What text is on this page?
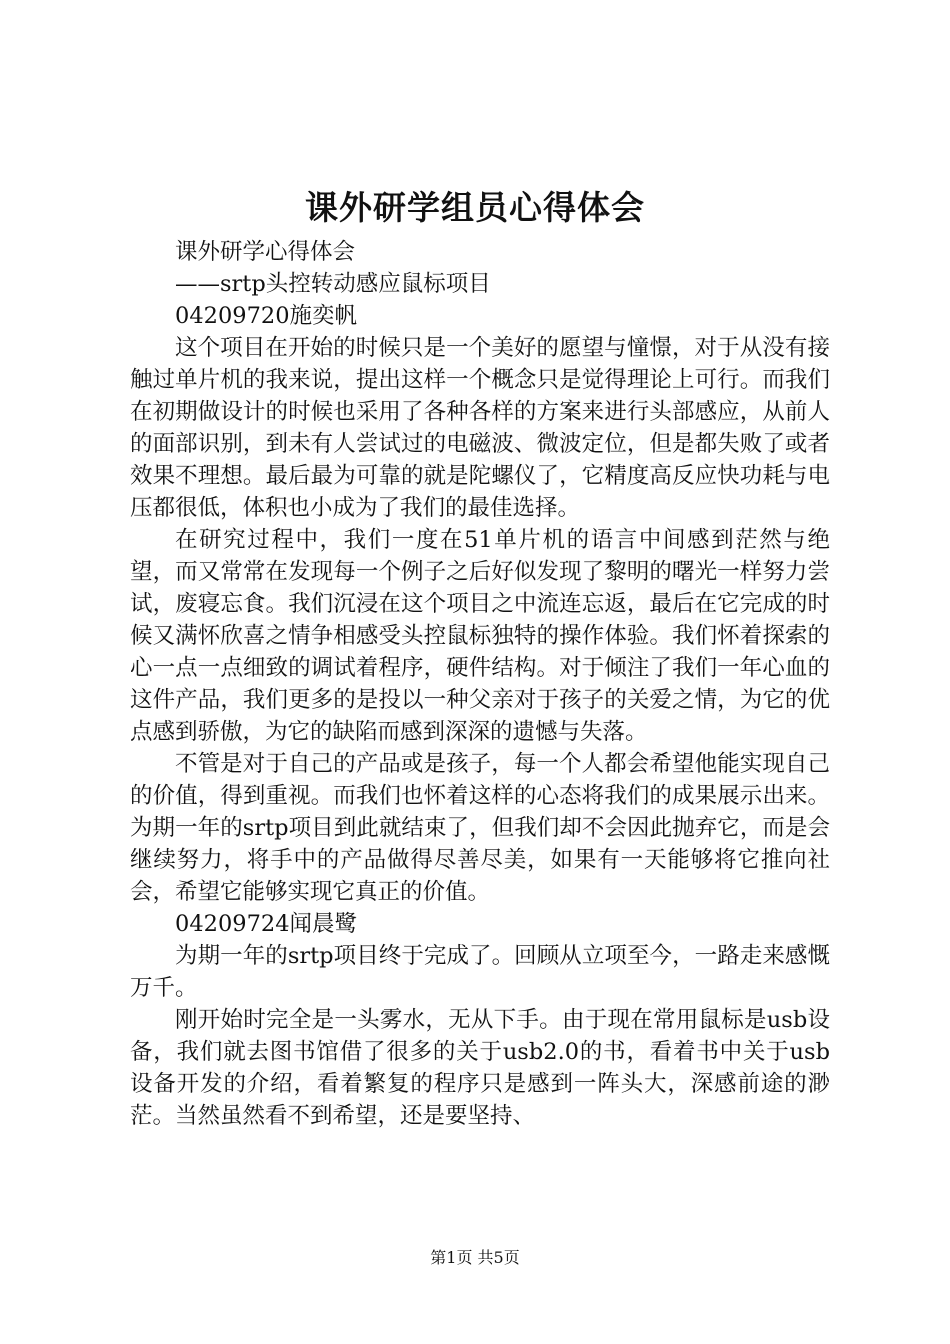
课外研学组员心得体会

课外研学心得体会

——srtp头控转动感应鼠标项目

04209720施奕帆

这个项目在开始的时候只是一个美好的愿望与憧憬，对于从没有接触过单片机的我来说，提出这样一个概念只是觉得理论上可行。而我们在初期做设计的时候也采用了各种各样的方案来进行头部感应，从前人的面部识别，到未有人尝试过的电磁波、微波定位，但是都失败了或者效果不理想。最后最为可靠的就是陀螺仪了，它精度高反应快功耗与电压都很低，体积也小成为了我们的最佳选择。

在研究过程中，我们一度在51单片机的语言中间感到茫然与绝望，而又常常在发现每一个例子之后好似发现了黎明的曙光一样努力尝试，废寝忘食。我们沉浸在这个项目之中流连忘返，最后在它完成的时候又满怀欣喜之情争相感受头控鼠标独特的操作体验。我们怀着探索的心一点一点细致的调试着程序，硬件结构。对于倾注了我们一年心血的这件产品，我们更多的是投以一种父亲对于孩子的关爱之情，为它的优点感到骄傲，为它的缺陷而感到深深的遗憾与失落。

不管是对于自己的产品或是孩子，每一个人都会希望他能实现自己的价值，得到重视。而我们也怀着这样的心态将我们的成果展示出来。为期一年的srtp项目到此就结束了，但我们却不会因此抛弃它，而是会继续努力，将手中的产品做得尽善尽美，如果有一天能够将它推向社会，希望它能够实现它真正的价值。

04209724闻晨鹭

为期一年的srtp项目终于完成了。回顾从立项至今，一路走来感慨万千。

刚开始时完全是一头雾水，无从下手。由于现在常用鼠标是usb设备，我们就去图书馆借了很多的关于usb2.0的书，看着书中关于usb设备开发的介绍，看着繁复的程序只是感到一阵头大，深感前途的渺茫。当然虽然看不到希望，还是要坚持、

第1页 共5页
